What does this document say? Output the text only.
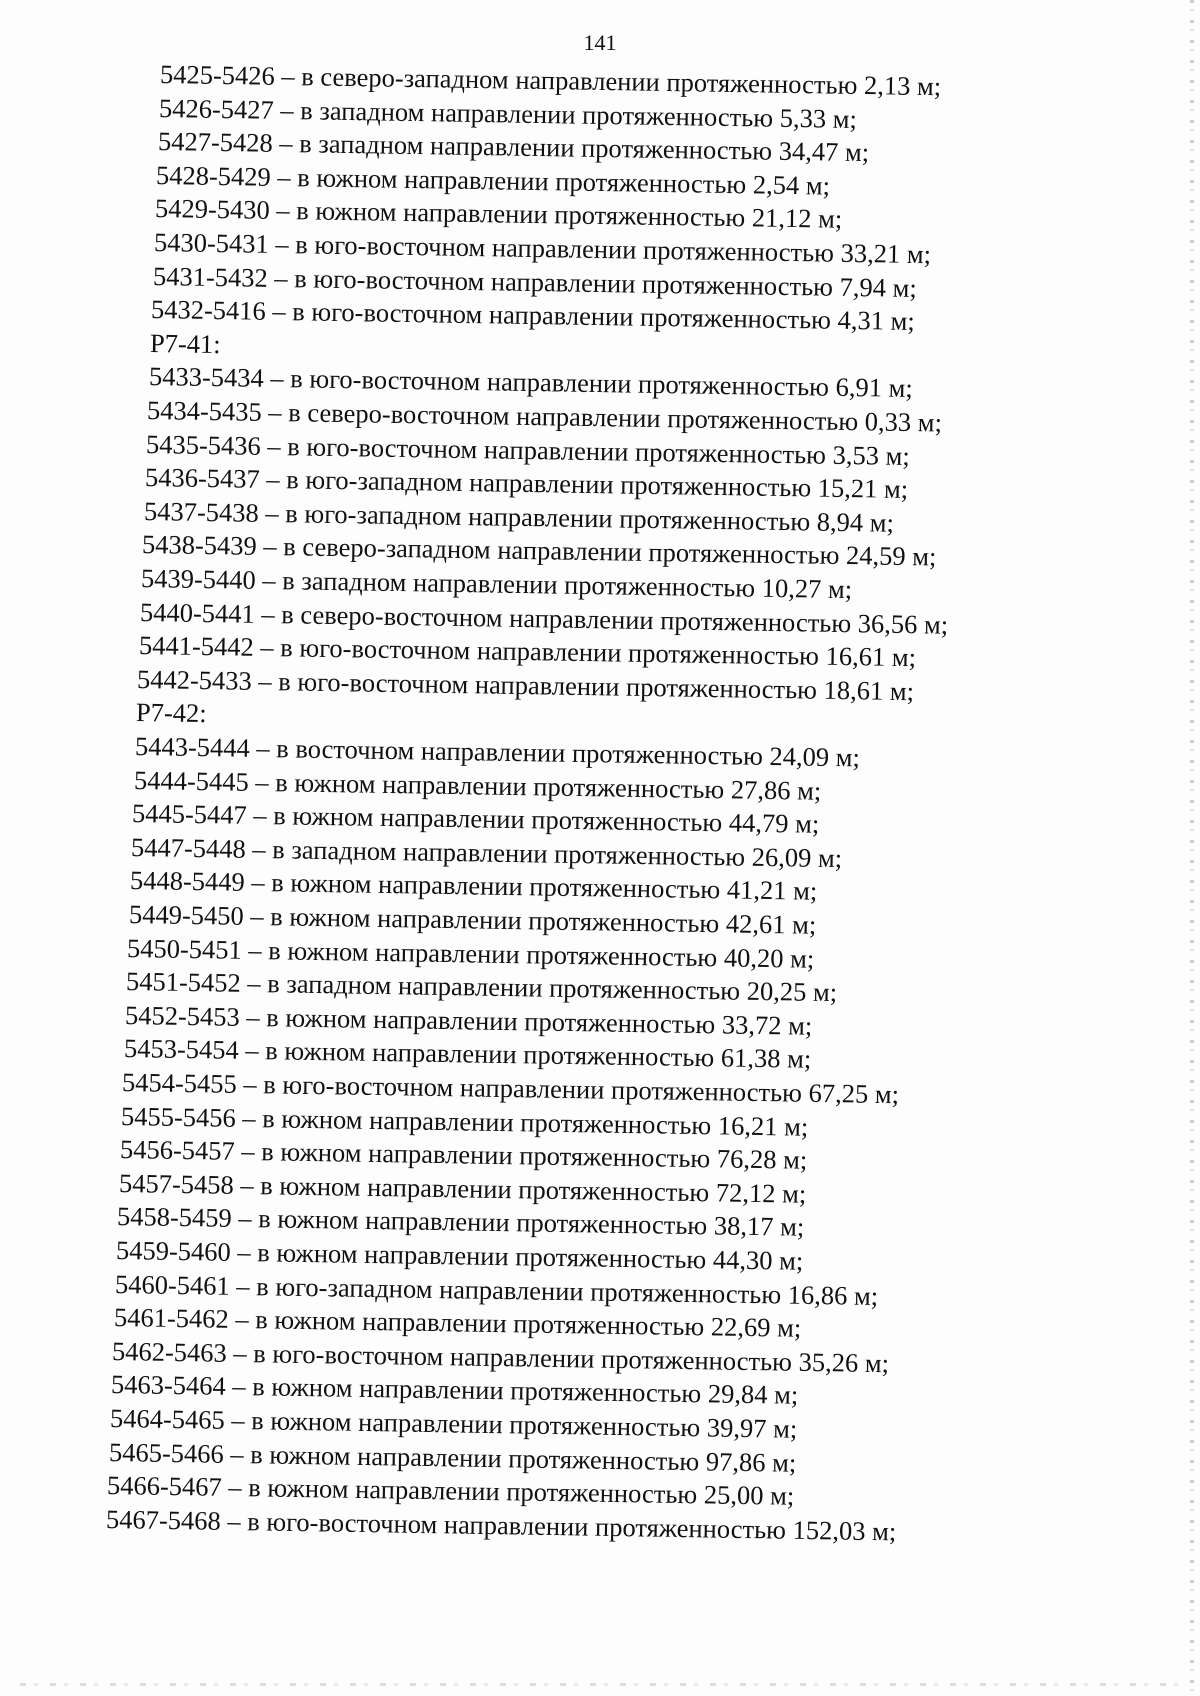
141
5425-5426 – в северо-западном направлении протяженностью 2,13 м;
5426-5427 – в западном направлении протяженностью 5,33 м;
5427-5428 – в западном направлении протяженностью 34,47 м;
5428-5429 – в южном направлении протяженностью 2,54 м;
5429-5430 – в южном направлении протяженностью 21,12 м;
5430-5431 – в юго-восточном направлении протяженностью 33,21 м;
5431-5432 – в юго-восточном направлении протяженностью 7,94 м;
5432-5416 – в юго-восточном направлении протяженностью 4,31 м;
Р7-41:
5433-5434 – в юго-восточном направлении протяженностью 6,91 м;
5434-5435 – в северо-восточном направлении протяженностью 0,33 м;
5435-5436 – в юго-восточном направлении протяженностью 3,53 м;
5436-5437 – в юго-западном направлении протяженностью 15,21 м;
5437-5438 – в юго-западном направлении протяженностью 8,94 м;
5438-5439 – в северо-западном направлении протяженностью 24,59 м;
5439-5440 – в западном направлении протяженностью 10,27 м;
5440-5441 – в северо-восточном направлении протяженностью 36,56 м;
5441-5442 – в юго-восточном направлении протяженностью 16,61 м;
5442-5433 – в юго-восточном направлении протяженностью 18,61 м;
Р7-42:
5443-5444 – в восточном направлении протяженностью 24,09 м;
5444-5445 – в южном направлении протяженностью 27,86 м;
5445-5447 – в южном направлении протяженностью 44,79 м;
5447-5448 – в западном направлении протяженностью 26,09 м;
5448-5449 – в южном направлении протяженностью 41,21 м;
5449-5450 – в южном направлении протяженностью 42,61 м;
5450-5451 – в южном направлении протяженностью 40,20 м;
5451-5452 – в западном направлении протяженностью 20,25 м;
5452-5453 – в южном направлении протяженностью 33,72 м;
5453-5454 – в южном направлении протяженностью 61,38 м;
5454-5455 – в юго-восточном направлении протяженностью 67,25 м;
5455-5456 – в южном направлении протяженностью 16,21 м;
5456-5457 – в южном направлении протяженностью 76,28 м;
5457-5458 – в южном направлении протяженностью 72,12 м;
5458-5459 – в южном направлении протяженностью 38,17 м;
5459-5460 – в южном направлении протяженностью 44,30 м;
5460-5461 – в юго-западном направлении протяженностью 16,86 м;
5461-5462 – в южном направлении протяженностью 22,69 м;
5462-5463 – в юго-восточном направлении протяженностью 35,26 м;
5463-5464 – в южном направлении протяженностью 29,84 м;
5464-5465 – в южном направлении протяженностью 39,97 м;
5465-5466 – в южном направлении протяженностью 97,86 м;
5466-5467 – в южном направлении протяженностью 25,00 м;
5467-5468 – в юго-восточном направлении протяженностью 152,03 м;
